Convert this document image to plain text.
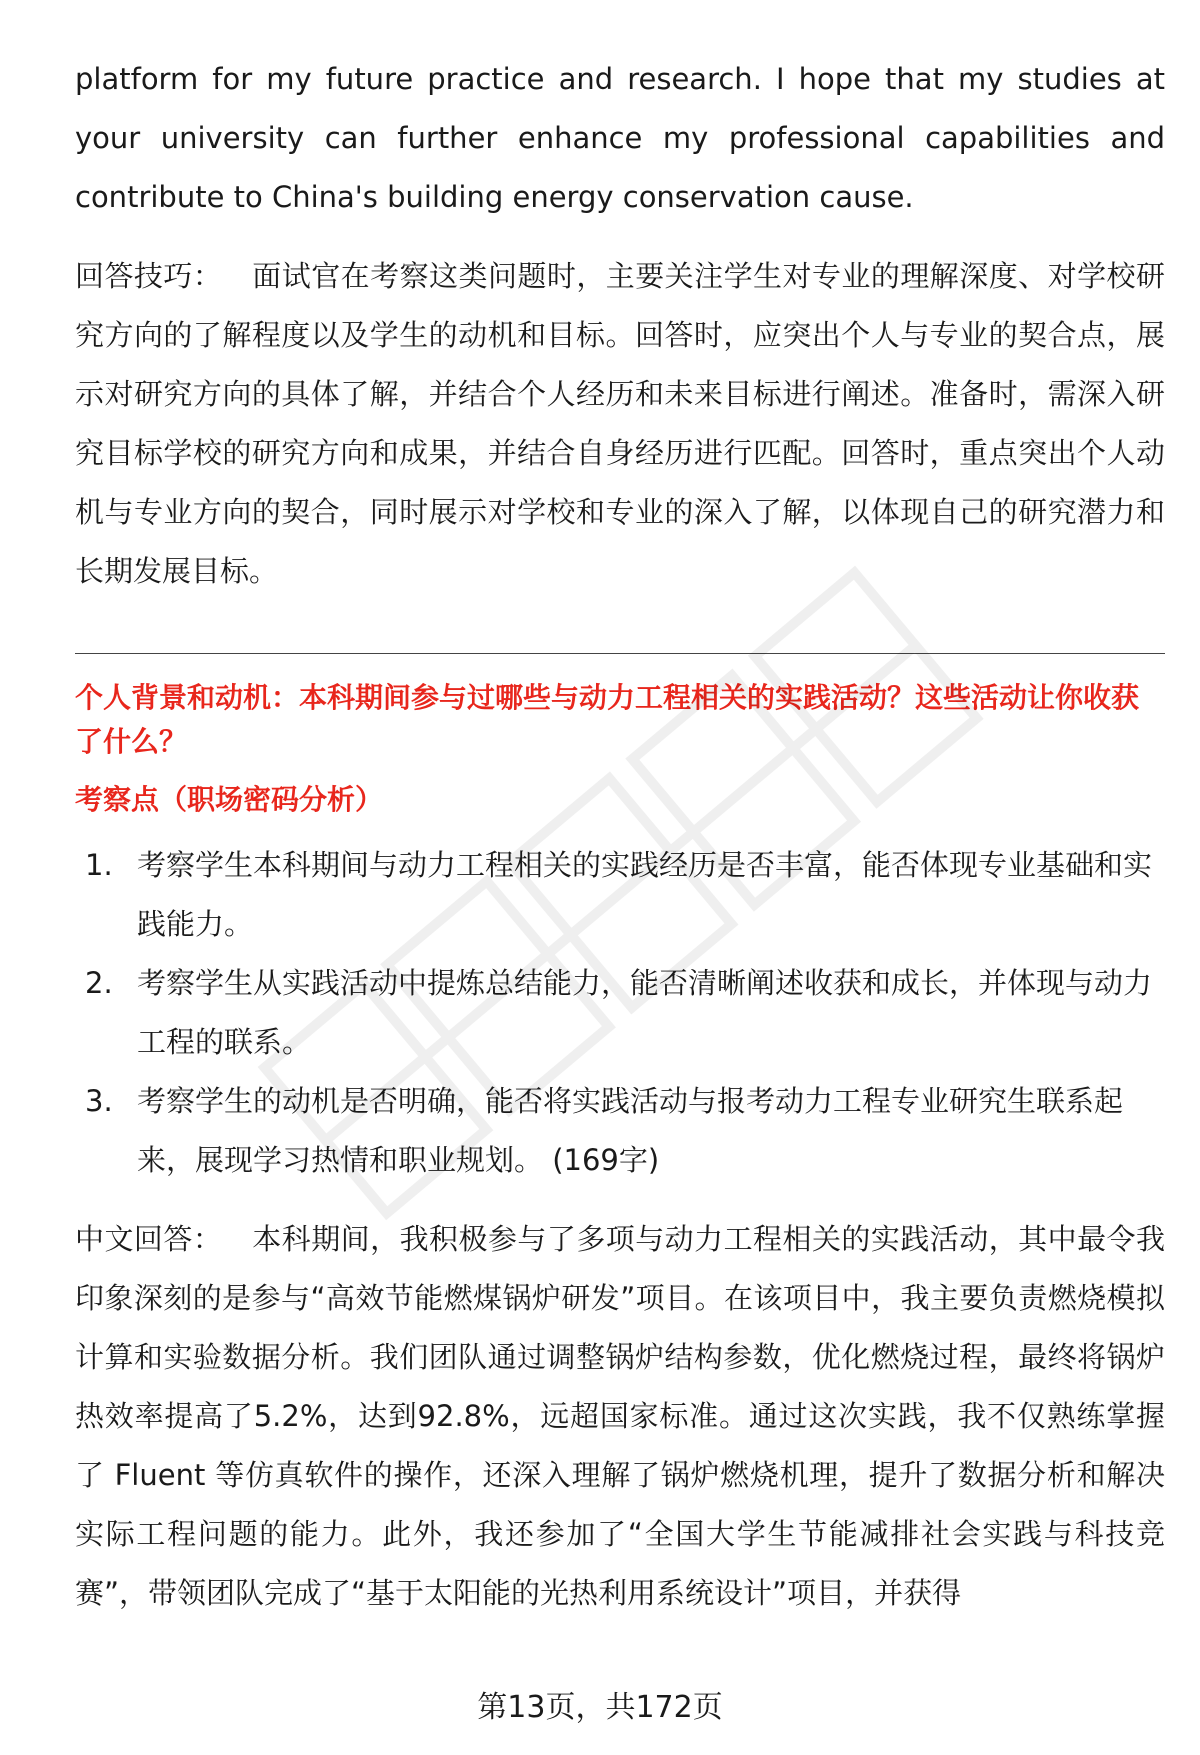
platform for my future practice and research. I hope that my studies at your university can further enhance my professional capabilities and contribute to China's building energy conservation cause.

回答技巧： 面试官在考察这类问题时，主要关注学生对专业的理解深度、对学校研究方向的了解程度以及学生的动机和目标。回答时，应突出个人与专业的契合点，展示对研究方向的具体了解，并结合个人经历和未来目标进行阐述。准备时，需深入研究目标学校的研究方向和成果，并结合自身经历进行匹配。回答时，重点突出个人动机与专业方向的契合，同时展示对学校和专业的深入了解，以体现自己的研究潜力和长期发展目标。

个人背景和动机：本科期间参与过哪些与动力工程相关的实践活动？这些活动让你收获了什么？

考察点（职场密码分析）

1. 考察学生本科期间与动力工程相关的实践经历是否丰富，能否体现专业基础和实践能力。
2. 考察学生从实践活动中提炼总结能力，能否清晰阐述收获和成长，并体现与动力工程的联系。
3. 考察学生的动机是否明确，能否将实践活动与报考动力工程专业研究生联系起来，展现学习热情和职业规划。 (169字)

中文回答： 本科期间，我积极参与了多项与动力工程相关的实践活动，其中最令我印象深刻的是参与“高效节能燃煤锅炉研发”项目。在该项目中，我主要负责燃烧模拟计算和实验数据分析。我们团队通过调整锅炉结构参数，优化燃烧过程，最终将锅炉热效率提高了5.2%，达到92.8%，远超国家标准。通过这次实践，我不仅熟练掌握了 Fluent 等仿真软件的操作，还深入理解了锅炉燃烧机理，提升了数据分析和解决实际工程问题的能力。此外，我还参加了“全国大学生节能减排社会实践与科技竞赛”，带领团队完成了“基于太阳能的光热利用系统设计”项目，并获得

第13页，共172页
